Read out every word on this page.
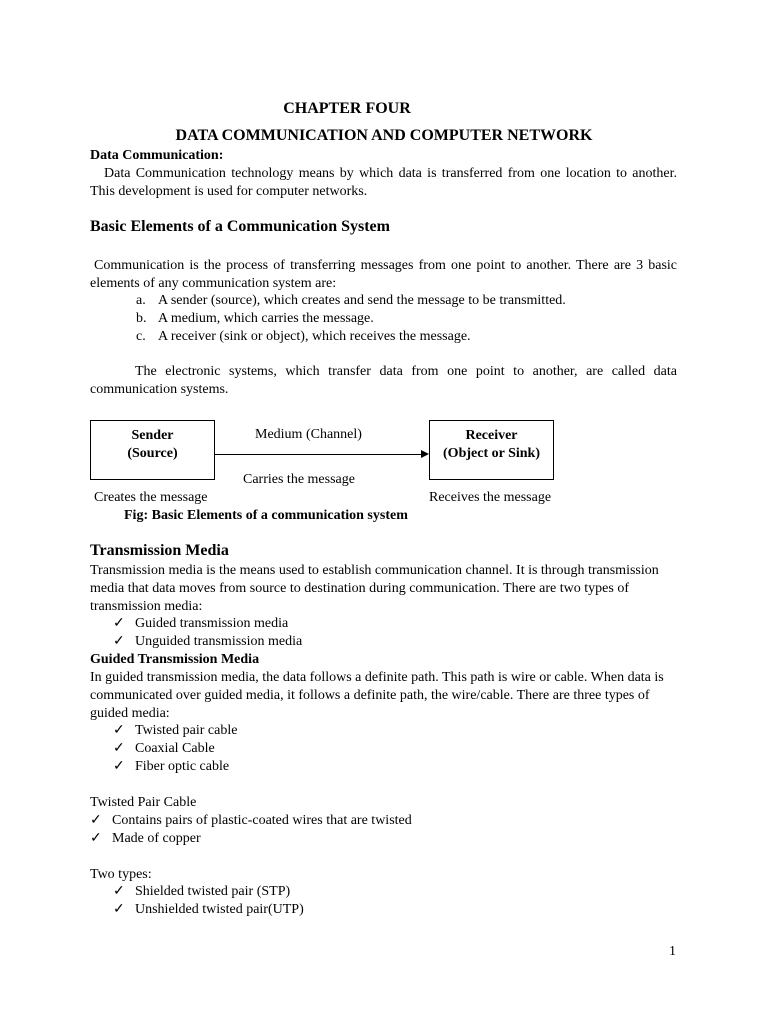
CHAPTER FOUR
DATA COMMUNICATION AND COMPUTER NETWORK
Data Communication:
Data Communication technology means by which data is transferred from one location to another. This development is used for computer networks.
Basic Elements of a Communication System
Communication is the process of transferring messages from one point to another. There are 3 basic elements of any communication system are:
a. A sender (source), which creates and send the message to be transmitted.
b. A medium, which carries the message.
c. A receiver (sink or object), which receives the message.
The electronic systems, which transfer data from one point to another, are called data communication systems.
Sender
(Source)
Medium (Channel)	Receiver
(Object or Sink)
Carries the message
Creates the message	Receives the message
Fig: Basic Elements of a communication system
Transmission Media
Transmission media is the means used to establish communication channel. It is through transmission media that data moves from source to destination during communication. There are two types of transmission media:
✓ Guided transmission media
✓ Unguided transmission media
Guided Transmission Media
In guided transmission media, the data follows a definite path. This path is wire or cable. When data is communicated over guided media, it follows a definite path, the wire/cable. There are three types of guided media:
✓ Twisted pair cable
✓ Coaxial Cable
✓ Fiber optic cable
Twisted Pair Cable
✓ Contains pairs of plastic-coated wires that are twisted
✓ Made of copper
Two types:
✓ Shielded twisted pair (STP)
✓ Unshielded twisted pair(UTP)
1
